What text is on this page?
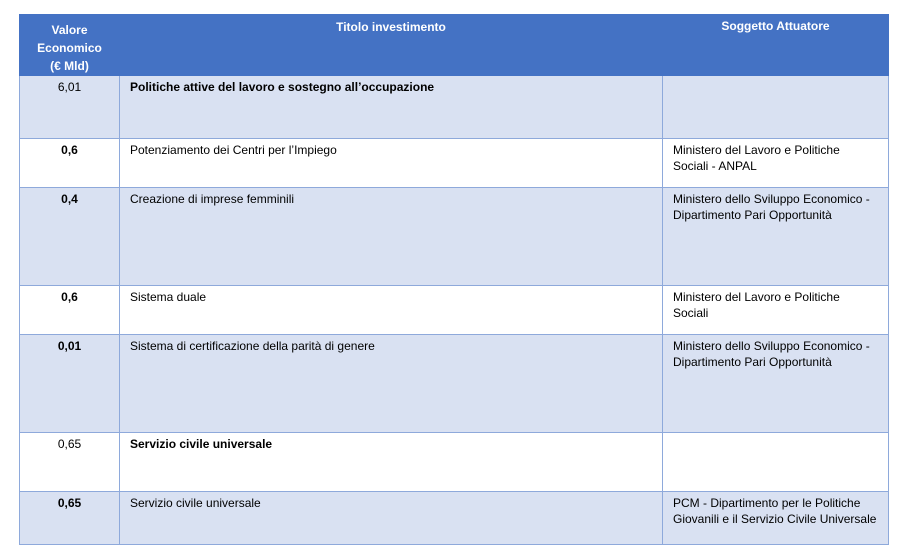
Valore Economico (€ Mld)	Titolo investimento	Soggetto Attuatore
6,01	Politiche attive del lavoro e sostegno all’occupazione	
0,6	Potenziamento dei Centri per l’Impiego	Ministero del Lavoro e Politiche Sociali - ANPAL
0,4	Creazione di imprese femminili	Ministero dello Sviluppo Economico - Dipartimento Pari Opportunità
0,6	Sistema duale	Ministero del Lavoro e Politiche Sociali
0,01	Sistema di certificazione della parità di genere	Ministero dello Sviluppo Economico - Dipartimento Pari Opportunità
0,65	Servizio civile universale	
0,65	Servizio civile universale	PCM - Dipartimento per le Politiche Giovanili e il Servizio Civile Universale
